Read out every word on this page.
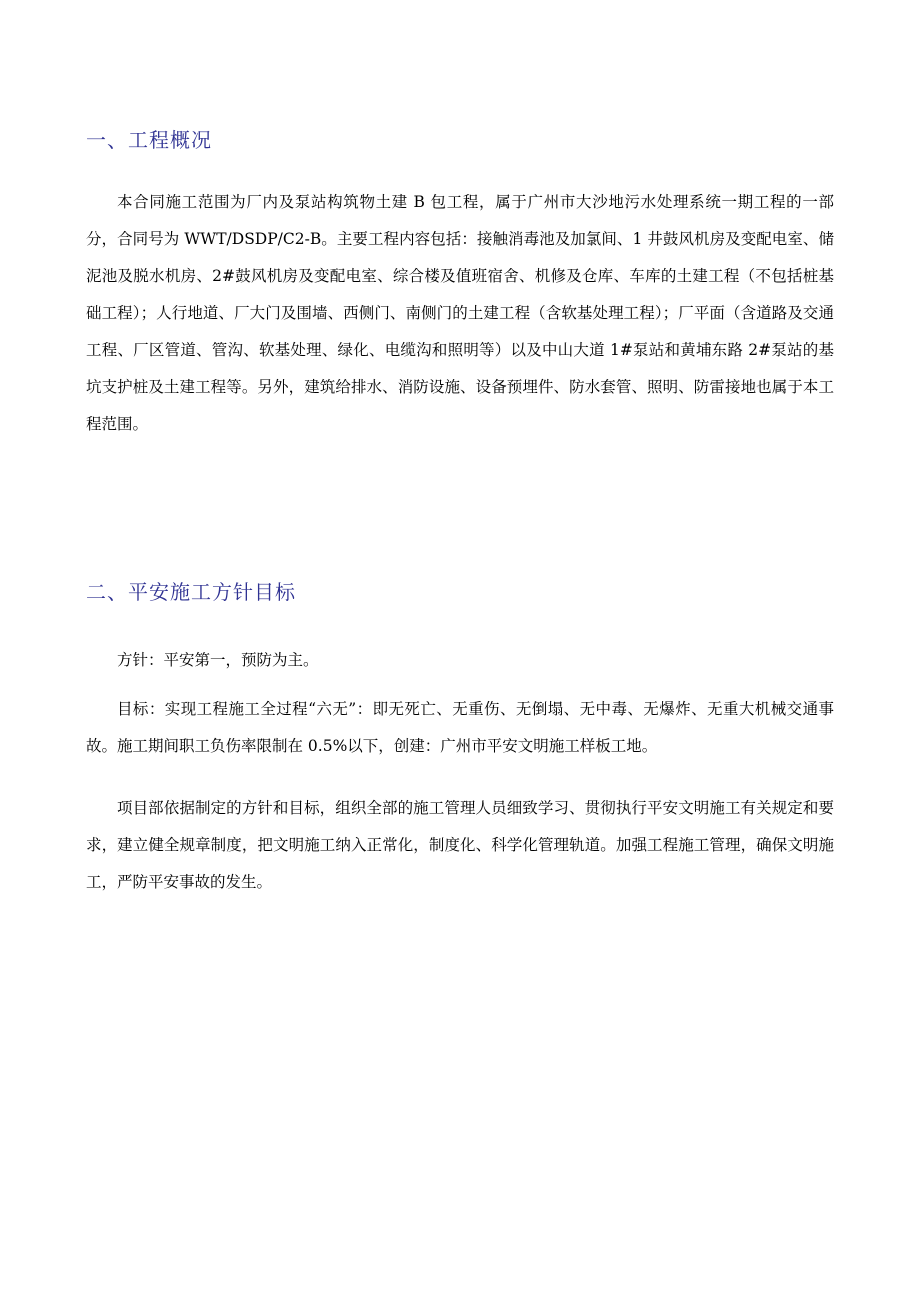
一、工程概况

本合同施工范围为厂内及泵站构筑物土建 B 包工程，属于广州市大沙地污水处理系统一期工程的一部分，合同号为 WWT/DSDP/C2-B。主要工程内容包括：接触消毒池及加氯间、1 井鼓风机房及变配电室、储泥池及脱水机房、2#鼓风机房及变配电室、综合楼及值班宿舍、机修及仓库、车库的土建工程（不包括桩基础工程）；人行地道、厂大门及围墙、西侧门、南侧门的土建工程（含软基处理工程）；厂平面（含道路及交通工程、厂区管道、管沟、软基处理、绿化、电缆沟和照明等）以及中山大道 1#泵站和黄埔东路 2#泵站的基坑支护桩及土建工程等。另外，建筑给排水、消防设施、设备预埋件、防水套管、照明、防雷接地也属于本工程范围。

二、平安施工方针目标

方针：平安第一，预防为主。

目标：实现工程施工全过程“六无”：即无死亡、无重伤、无倒塌、无中毒、无爆炸、无重大机械交通事故。施工期间职工负伤率限制在 0.5%以下，创建：广州市平安文明施工样板工地。

项目部依据制定的方针和目标，组织全部的施工管理人员细致学习、贯彻执行平安文明施工有关规定和要求，建立健全规章制度，把文明施工纳入正常化，制度化、科学化管理轨道。加强工程施工管理，确保文明施工，严防平安事故的发生。
